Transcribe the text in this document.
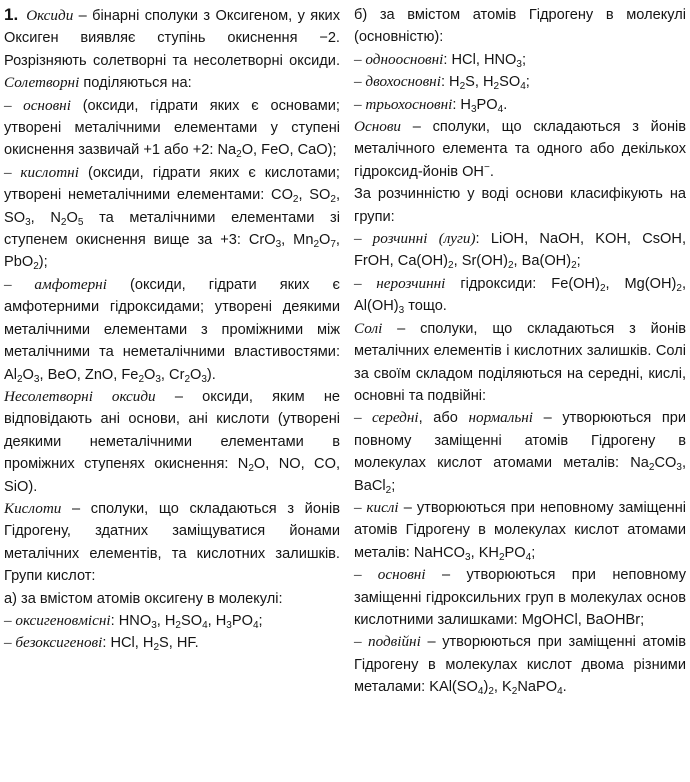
1. Оксиди – бінарні сполуки з Оксигеном, у яких Оксиген виявляє ступінь окиснення −2. Розрізняють солетворні та несолетворні оксиди. Солетворні поділяються на:

– основні (оксиди, гідрати яких є основами; утворені металічними елементами у ступені окиснення зазвичай +1 або +2: $Na_2O$, FeO, CaO);

– кислотні (оксиди, гідрати яких є кислотами; утворені неметалічними елементами: $CO_2$, $SO_2$, $SO_3$, $N_2O_5$ та металічними елементами зі ступенем окиснення вище за +3: CrO$_3$, $Mn_2O_7$, PbO$_2$);

– амфотерні (оксиди, гідрати яких є амфотерними гідроксидами; утворені деякими металічними елементами з проміжними між металічними та неметалічними властивостями: $Al_2O_3$, BeO, ZnO, $Fe_2O_3$, $Cr_2O_3$).

Несолетворні оксиди – оксиди, яким не відповідають ані основи, ані кислоти (утворені деякими неметалічними елементами в проміжних ступенях окиснення: $N_2O$, NO, CO, SiO).

Кислоти – сполуки, що складаються з йонів Гідрогену, здатних заміщуватися йонами металічних елементів, та кислотних залишків. Групи кислот:

а) за вмістом атомів оксигену в молекулі:

– оксигеновмісні: $HNO_3$, $H_2SO_4$, $H_3PO_4$;

– безоксигенові: HCl, $H_2S$, HF.

б) за вмістом атомів Гідрогену в молекулі (основністю):

– одноосновні: HCl, $HNO_3$;

– двохосновні: $H_2S$, $H_2SO_4$;

– трьохосновні: $H_3PO_4$.

Основи – сполуки, що складаються з йонів металічного елемента та одного або декількох гідроксид-йонів OH−.

За розчинністю у воді основи класифікують на групи:

– розчинні (луги): LiOH, NaOH, KOH, CsOH, FrOH, $Ca(OH)_2$, $Sr(OH)_2$, $Ba(OH)_2$;

– нерозчинні гідроксиди: $Fe(OH)_2$, $Mg(OH)_2$, $Al(OH)_3$ тощо.

Солі – сполуки, що складаються з йонів металічних елементів і кислотних залишків. Солі за своїм складом поділяються на середні, кислі, основні та подвійні:

– середні, або нормальні – утворюються при повному заміщенні атомів Гідрогену в молекулах кислот атомами металів: $Na_2CO_3$, BaCl$_2$;

– кислі – утворюються при неповному заміщенні атомів Гідрогену в молекулах кислот атомами металів: NaHCO$_3$, $KH_2PO_4$;

– основні – утворюються при неповному заміщенні гідроксильних груп в молекулах основ кислотними залишками: MgOHCl, BaOHBr;

– подвійні – утворюються при заміщенні атомів Гідрогену в молекулах кислот двома різними металами: $KAl(SO_4)_2$, $K_2NaPO_4$.
